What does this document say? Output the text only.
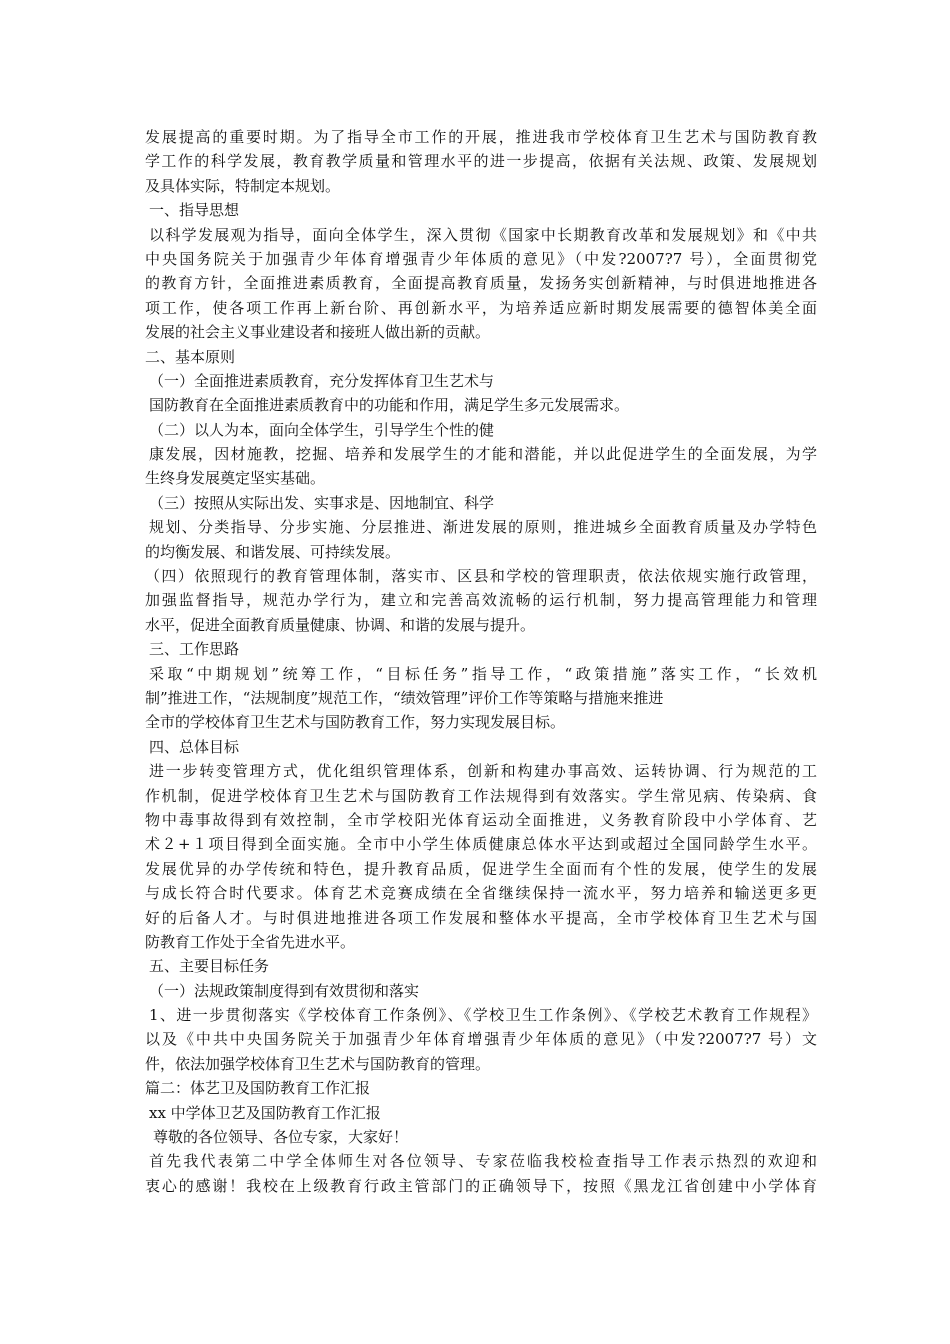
发展提高的重要时期。为了指导全市工作的开展，推进我市学校体育卫生艺术与国防教育教
学工作的科学发展，教育教学质量和管理水平的进一步提高，依据有关法规、政策、发展规划
及具体实际，特制定本规划。
一、指导思想
以科学发展观为指导，面向全体学生，深入贯彻《国家中长期教育改革和发展规划》和《中共
中央国务院关于加强青少年体育增强青少年体质的意见》（中发?2007?7 号），全面贯彻党
的教育方针，全面推进素质教育，全面提高教育质量，发扬务实创新精神，与时俱进地推进各
项工作，使各项工作再上新台阶、再创新水平，为培养适应新时期发展需要的德智体美全面
发展的社会主义事业建设者和接班人做出新的贡献。
二、基本原则
（一）全面推进素质教育，充分发挥体育卫生艺术与
国防教育在全面推进素质教育中的功能和作用，满足学生多元发展需求。
（二）以人为本，面向全体学生，引导学生个性的健
康发展，因材施教，挖掘、培养和发展学生的才能和潜能，并以此促进学生的全面发展，为学
生终身发展奠定坚实基础。
（三）按照从实际出发、实事求是、因地制宜、科学
规划、分类指导、分步实施、分层推进、渐进发展的原则，推进城乡全面教育质量及办学特色
的均衡发展、和谐发展、可持续发展。
（四）依照现行的教育管理体制，落实市、区县和学校的管理职责，依法依规实施行政管理，
加强监督指导，规范办学行为，建立和完善高效流畅的运行机制，努力提高管理能力和管理
水平，促进全面教育质量健康、协调、和谐的发展与提升。
三、工作思路
采取“中期规划”统筹工作，“目标任务”指导工作，“政策措施”落实工作，“长效机
制”推进工作，“法规制度”规范工作，“绩效管理”评价工作等策略与措施来推进
全市的学校体育卫生艺术与国防教育工作，努力实现发展目标。
四、总体目标
进一步转变管理方式，优化组织管理体系，创新和构建办事高效、运转协调、行为规范的工
作机制，促进学校体育卫生艺术与国防教育工作法规得到有效落实。学生常见病、传染病、食
物中毒事故得到有效控制，全市学校阳光体育运动全面推进，义务教育阶段中小学体育、艺
术２+１项目得到全面实施。全市中小学生体质健康总体水平达到或超过全国同龄学生水平。
发展优异的办学传统和特色，提升教育品质，促进学生全面而有个性的发展，使学生的发展
与成长符合时代要求。体育艺术竞赛成绩在全省继续保持一流水平，努力培养和输送更多更
好的后备人才。与时俱进地推进各项工作发展和整体水平提高，全市学校体育卫生艺术与国
防教育工作处于全省先进水平。
五、主要目标任务
（一）法规政策制度得到有效贯彻和落实
1、进一步贯彻落实《学校体育工作条例》、《学校卫生工作条例》、《学校艺术教育工作规程》
以及《中共中央国务院关于加强青少年体育增强青少年体质的意见》（中发?2007?7 号）文
件，依法加强学校体育卫生艺术与国防教育的管理。
篇二：体艺卫及国防教育工作汇报
xx 中学体卫艺及国防教育工作汇报
尊敬的各位领导、各位专家，大家好！
首先我代表第二中学全体师生对各位领导、专家莅临我校检查指导工作表示热烈的欢迎和
衷心的感谢！我校在上级教育行政主管部门的正确领导下，按照《黑龙江省创建中小学体育
